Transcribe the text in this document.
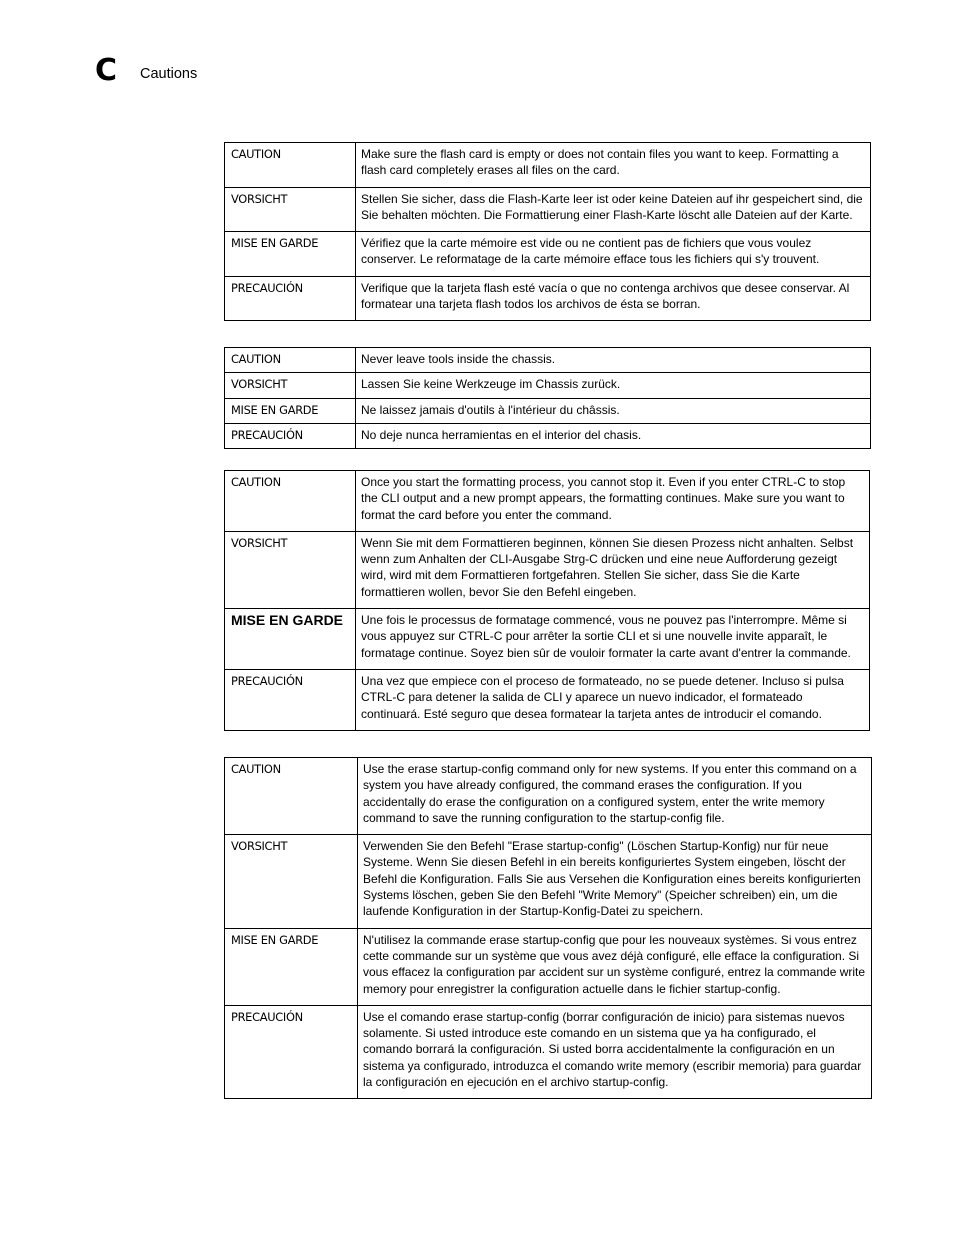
C Cautions
CAUTION	Make sure the flash card is empty or does not contain files you want to keep. Formatting a flash card completely erases all files on the card.
VORSICHT	Stellen Sie sicher, dass die Flash-Karte leer ist oder keine Dateien auf ihr gespeichert sind, die Sie behalten möchten. Die Formattierung einer Flash-Karte löscht alle Dateien auf der Karte.
MISE EN GARDE	Vérifiez que la carte mémoire est vide ou ne contient pas de fichiers que vous voulez conserver. Le reformatage de la carte mémoire efface tous les fichiers qui s'y trouvent.
PRECAUCIÓN	Verifique que la tarjeta flash esté vacía o que no contenga archivos que desee conservar. Al formatear una tarjeta flash todos los archivos de ésta se borran.
CAUTION	Never leave tools inside the chassis.
VORSICHT	Lassen Sie keine Werkzeuge im Chassis zurück.
MISE EN GARDE	Ne laissez jamais d'outils à l'intérieur du châssis.
PRECAUCIÓN	No deje nunca herramientas en el interior del chasis.
CAUTION	Once you start the formatting process, you cannot stop it. Even if you enter CTRL-C to stop the CLI output and a new prompt appears, the formatting continues. Make sure you want to format the card before you enter the command.
VORSICHT	Wenn Sie mit dem Formattieren beginnen, können Sie diesen Prozess nicht anhalten. Selbst wenn zum Anhalten der CLI-Ausgabe Strg-C drücken und eine neue Aufforderung gezeigt wird, wird mit dem Formattieren fortgefahren. Stellen Sie sicher, dass Sie die Karte formattieren wollen, bevor Sie den Befehl eingeben.
MISE EN GARDE	Une fois le processus de formatage commencé, vous ne pouvez pas l'interrompre. Même si vous appuyez sur CTRL-C pour arrêter la sortie CLI et si une nouvelle invite apparaît, le formatage continue. Soyez bien sûr de vouloir formater la carte avant d'entrer la commande.
PRECAUCIÓN	Una vez que empiece con el proceso de formateado, no se puede detener. Incluso si pulsa CTRL-C para detener la salida de CLI y aparece un nuevo indicador, el formateado continuará. Esté seguro que desea formatear la tarjeta antes de introducir el comando.
CAUTION	Use the erase startup-config command only for new systems. If you enter this command on a system you have already configured, the command erases the configuration. If you accidentally do erase the configuration on a configured system, enter the write memory command to save the running configuration to the startup-config file.
VORSICHT	Verwenden Sie den Befehl "Erase startup-config" (Löschen Startup-Konfig) nur für neue Systeme. Wenn Sie diesen Befehl in ein bereits konfiguriertes System eingeben, löscht der Befehl die Konfiguration. Falls Sie aus Versehen die Konfiguration eines bereits konfigurierten Systems löschen, geben Sie den Befehl "Write Memory" (Speicher schreiben) ein, um die laufende Konfiguration in der Startup-Konfig-Datei zu speichern.
MISE EN GARDE	N'utilisez la commande erase startup-config que pour les nouveaux systèmes. Si vous entrez cette commande sur un système que vous avez déjà configuré, elle efface la configuration. Si vous effacez la configuration par accident sur un système configuré, entrez la commande write memory pour enregistrer la configuration actuelle dans le fichier startup-config.
PRECAUCIÓN	Use el comando erase startup-config (borrar configuración de inicio) para sistemas nuevos solamente. Si usted introduce este comando en un sistema que ya ha configurado, el comando borrará la configuración. Si usted borra accidentalmente la configuración en un sistema ya configurado, introduzca el comando write memory (escribir memoria) para guardar la configuración en ejecución en el archivo startup-config.
